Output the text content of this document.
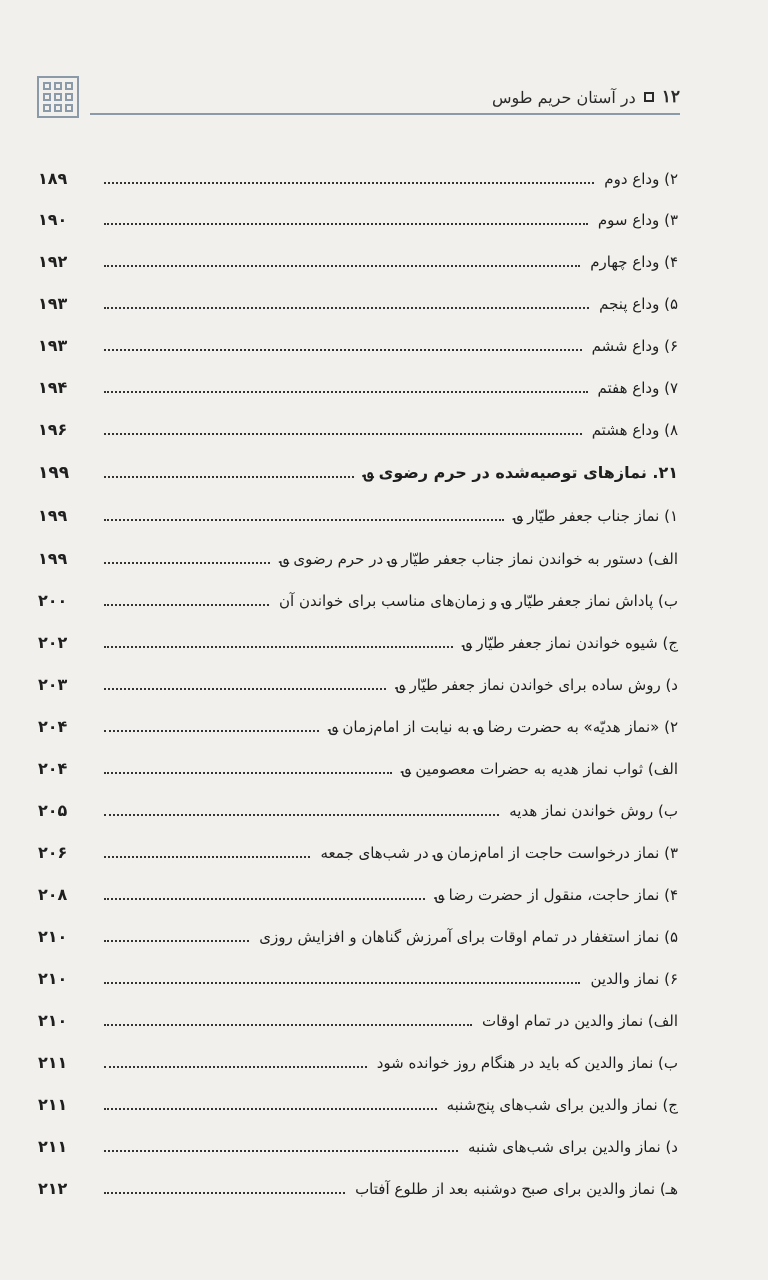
۱۲
در آستان حریم طوس
۲) وداع دوم
۱۸۹
۳) وداع سوم
۱۹۰
۴) وداع چهارم
۱۹۲
۵) وداع پنجم
۱۹۳
۶) وداع ششم
۱۹۳
۷) وداع هفتم
۱۹۴
۸) وداع هشتم
۱۹۶
۲۱. نمازهای توصیه‌شده در حرم رضوی ؈
۱۹۹
۱) نماز جناب جعفر طیّار ؈
۱۹۹
الف) دستور به خواندن نماز جناب جعفر طیّار ؈ در حرم رضوی ؈
۱۹۹
ب) پاداش نماز جعفر طیّار ؈ و زمان‌های مناسب برای خواندن آن
۲۰۰
ج) شیوه خواندن نماز جعفر طیّار ؈
۲۰۲
د) روش ساده برای خواندن نماز جعفر طیّار ؈
۲۰۳
۲) «نماز هدیّه» به حضرت رضا ؈ به نیابت از امام‌زمان ؈
۲۰۴
الف) ثواب نماز هدیه به حضرات معصومین ؈
۲۰۴
ب) روش خواندن نماز هدیه
۲۰۵
۳) نماز درخواست حاجت از امام‌زمان ؈ در شب‌های جمعه
۲۰۶
۴) نماز حاجت، منقول از حضرت رضا ؈
۲۰۸
۵) نماز استغفار در تمام اوقات برای آمرزش گناهان و افزایش روزی
۲۱۰
۶) نماز والدین
۲۱۰
الف) نماز والدین در تمام اوقات
۲۱۰
ب) نماز والدین که باید در هنگام روز خوانده شود
۲۱۱
ج) نماز والدین برای شب‌های پنج‌شنبه
۲۱۱
د) نماز والدین برای شب‌های شنبه
۲۱۱
هـ) نماز والدین برای صبح دوشنبه بعد از طلوع آفتاب
۲۱۲
